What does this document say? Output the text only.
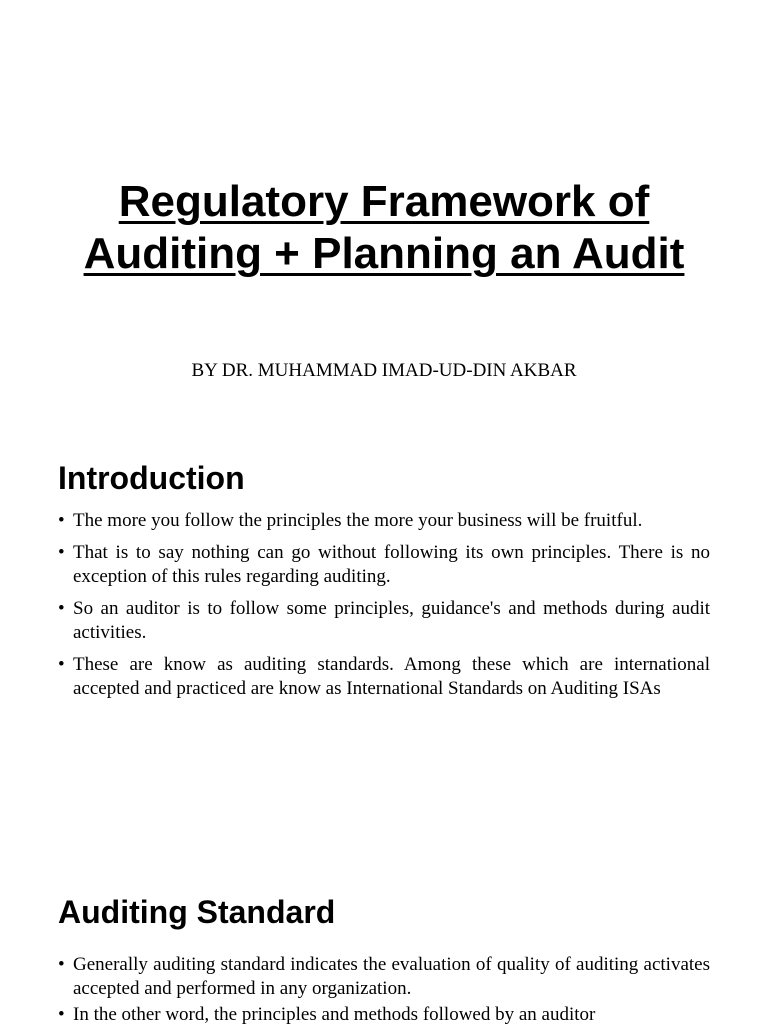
Regulatory Framework of
Auditing + Planning an Audit
BY DR. MUHAMMAD IMAD-UD-DIN AKBAR
Introduction
• The more you follow the principles the more your business will be fruitful.
• That is to say nothing can go without following its own principles. There is no exception of this rules regarding auditing.
• So an auditor is to follow some principles, guidance's and methods during audit activities.
• These are know as auditing standards. Among these which are international accepted and practiced are know as International Standards on Auditing ISAs
Auditing Standard
• Generally auditing standard indicates the evaluation of quality of auditing activates accepted and performed in any organization.
• In the other word, the principles and methods followed by an auditor
